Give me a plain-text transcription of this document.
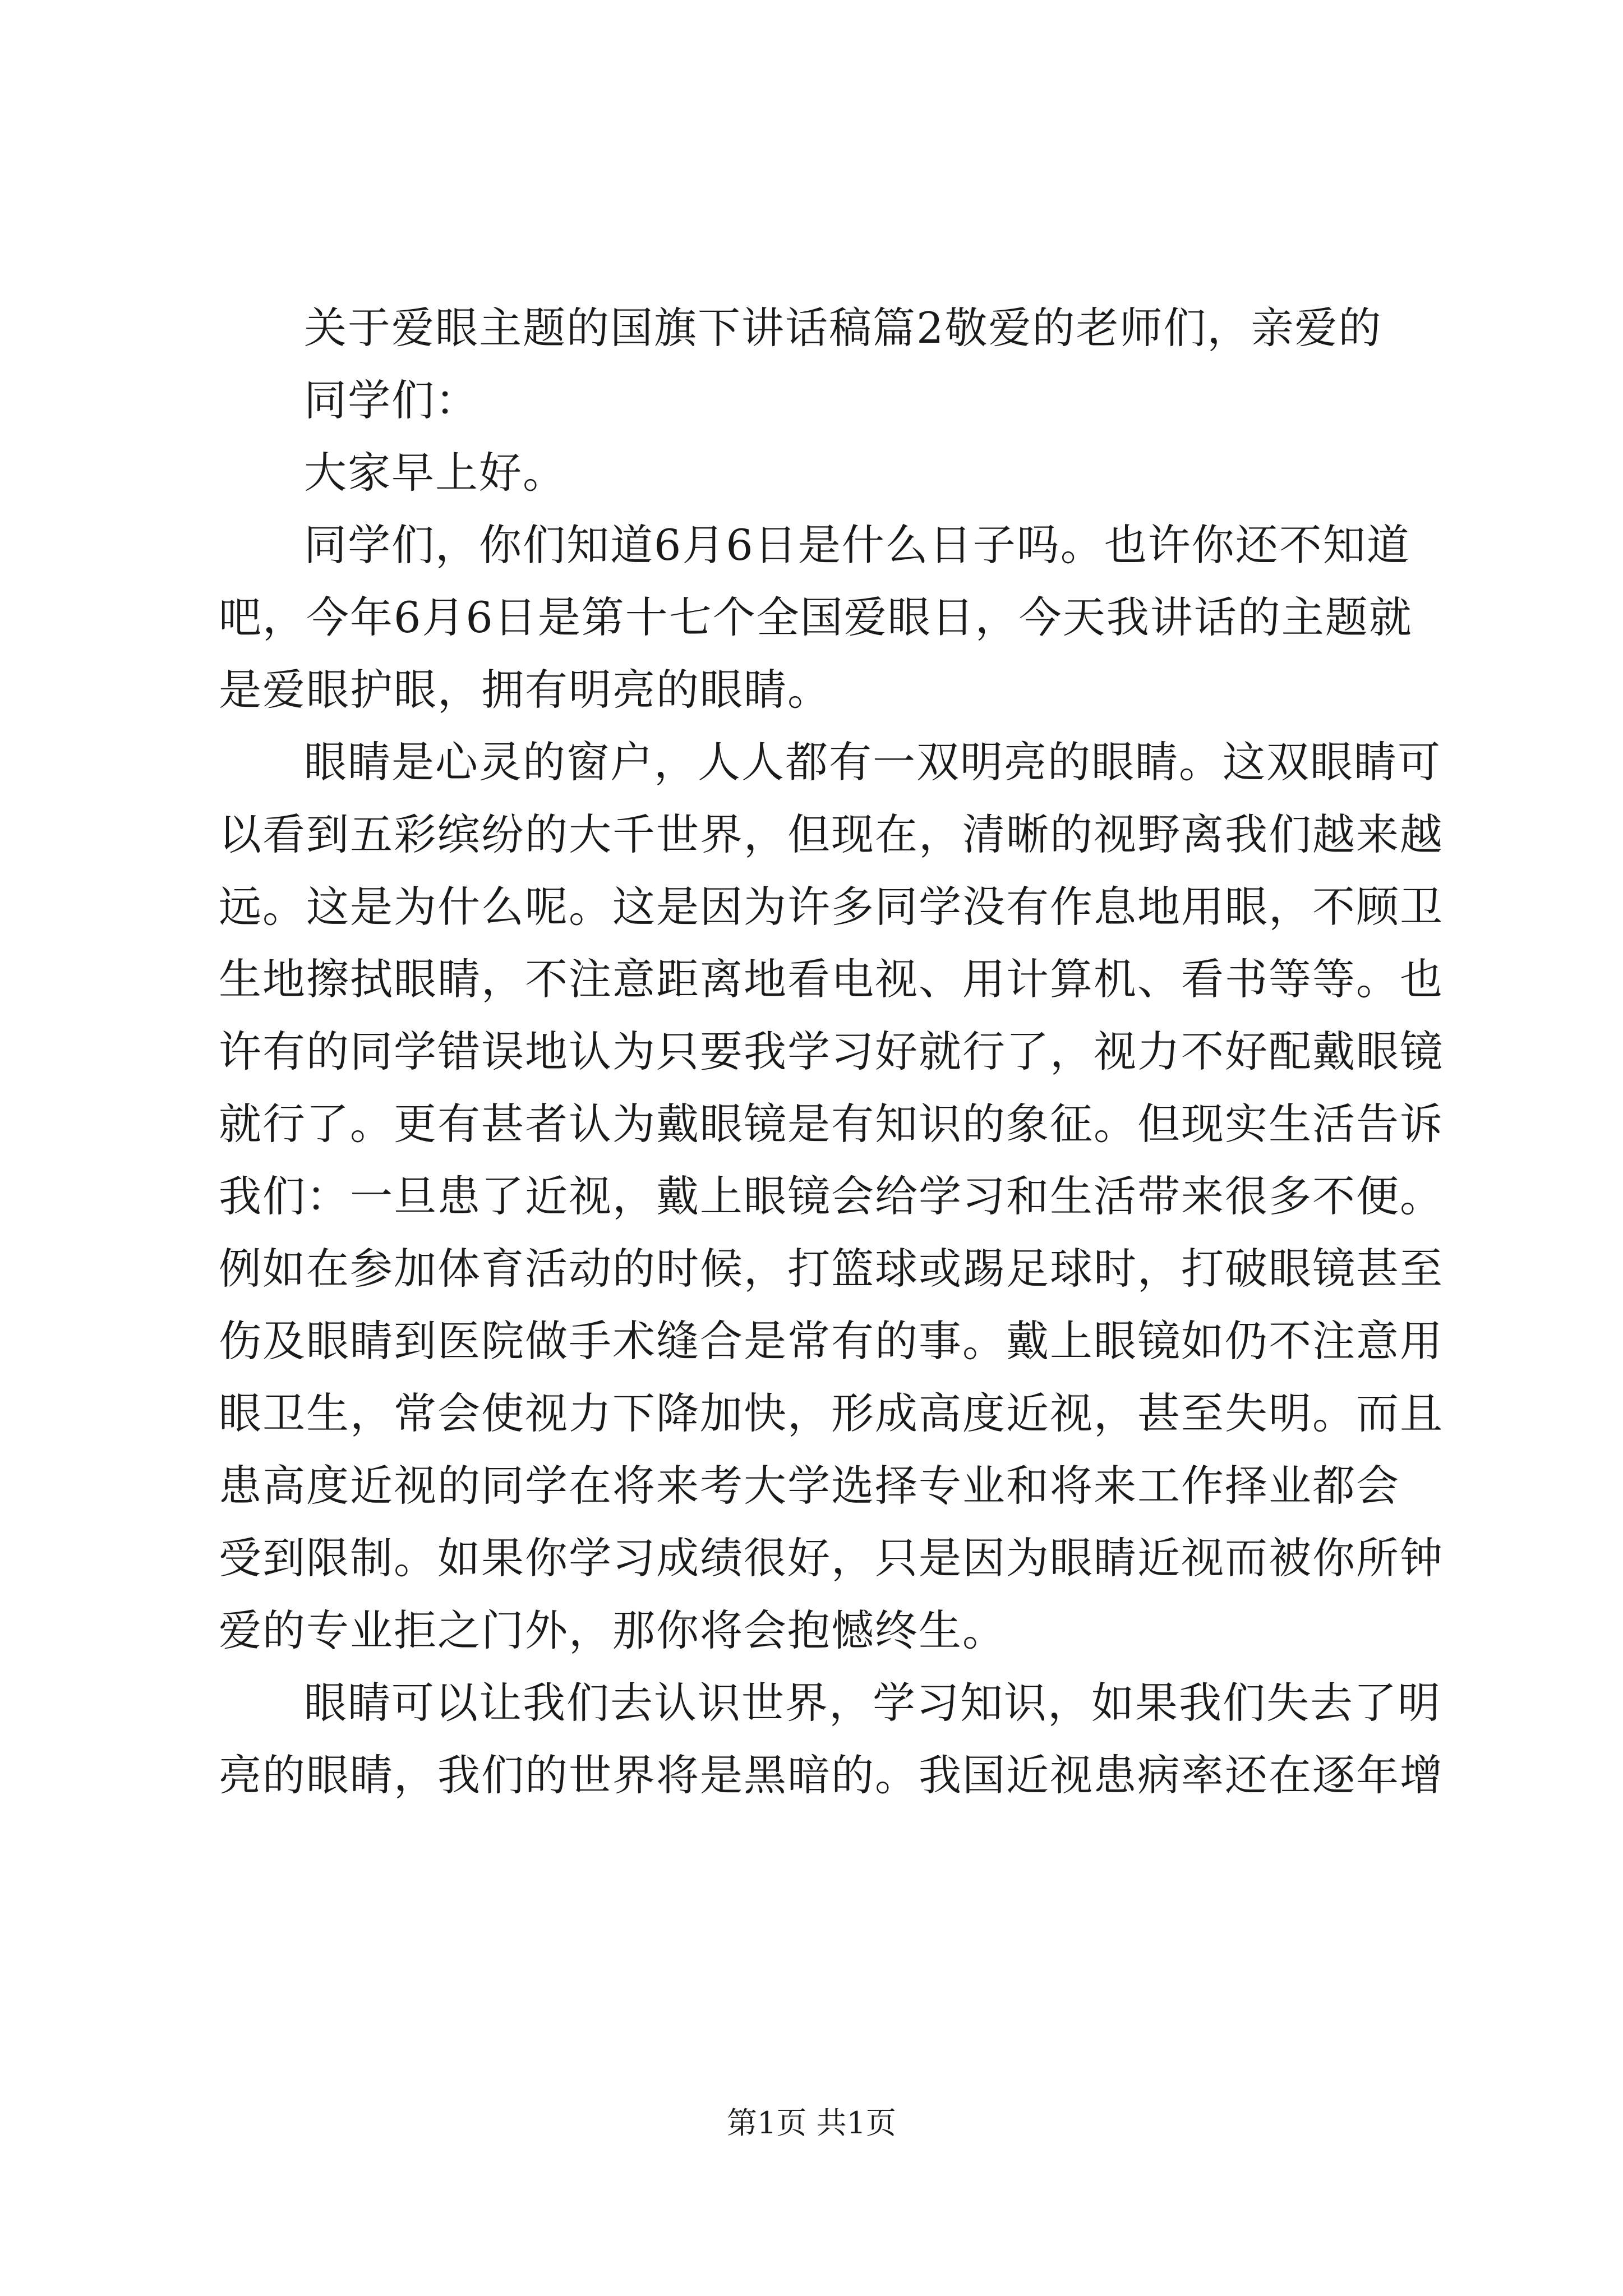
关于爱眼主题的国旗下讲话稿篇2敬爱的老师们，亲爱的
同学们：
大家早上好。
同学们，你们知道6月6日是什么日子吗。也许你还不知道
吧，今年6月6日是第十七个全国爱眼日，今天我讲话的主题就
是爱眼护眼，拥有明亮的眼睛。
眼睛是心灵的窗户，人人都有一双明亮的眼睛。这双眼睛可
以看到五彩缤纷的大千世界，但现在，清晰的视野离我们越来越
远。这是为什么呢。这是因为许多同学没有作息地用眼，不顾卫
生地擦拭眼睛，不注意距离地看电视、用计算机、看书等等。也
许有的同学错误地认为只要我学习好就行了，视力不好配戴眼镜
就行了。更有甚者认为戴眼镜是有知识的象征。但现实生活告诉
我们：一旦患了近视，戴上眼镜会给学习和生活带来很多不便。
例如在参加体育活动的时候，打篮球或踢足球时，打破眼镜甚至
伤及眼睛到医院做手术缝合是常有的事。戴上眼镜如仍不注意用
眼卫生，常会使视力下降加快，形成高度近视，甚至失明。而且
患高度近视的同学在将来考大学选择专业和将来工作择业都会
受到限制。如果你学习成绩很好，只是因为眼睛近视而被你所钟
爱的专业拒之门外，那你将会抱憾终生。
眼睛可以让我们去认识世界，学习知识，如果我们失去了明
亮的眼睛，我们的世界将是黑暗的。我国近视患病率还在逐年增
第1页 共1页
